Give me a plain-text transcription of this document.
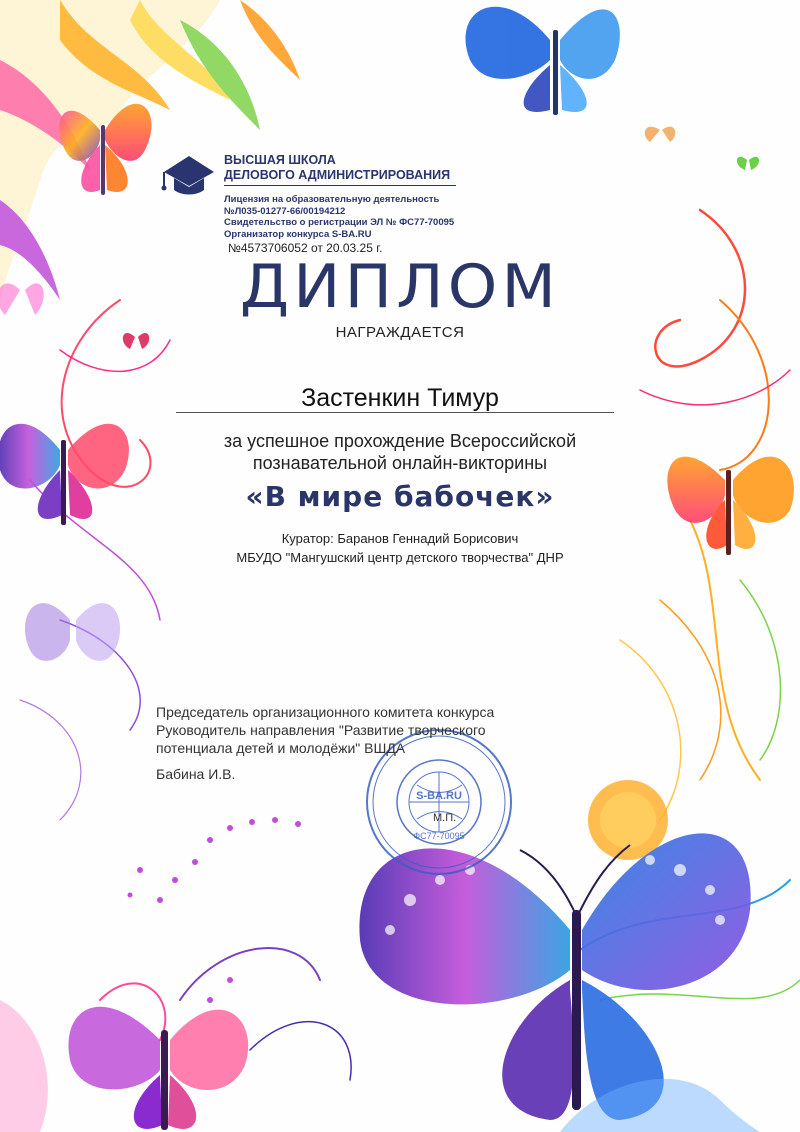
ВЫСШАЯ ШКОЛА
ДЕЛОВОГО АДМИНИСТРИРОВАНИЯ
Лицензия на образовательную деятельность
№Л035-01277-66/00194212
Свидетельство о регистрации ЭЛ № ФС77-70095
Организатор конкурса S-BA.RU
№4573706052 от 20.03.25 г.
ДИПЛОМ
НАГРАЖДАЕТСЯ
Застенкин Тимур
за успешное прохождение Всероссийской
познавательной онлайн-викторины
«В мире бабочек»
Куратор: Баранов Геннадий Борисович
МБУДО "Мангушский центр детского творчества" ДНР
S-BA.RU
ФС77-70095
Председатель организационного комитета конкурса
Руководитель направления "Развитие творческого
потенциала детей и молодёжи" ВШДА
Бабина И.В.
М.П.
